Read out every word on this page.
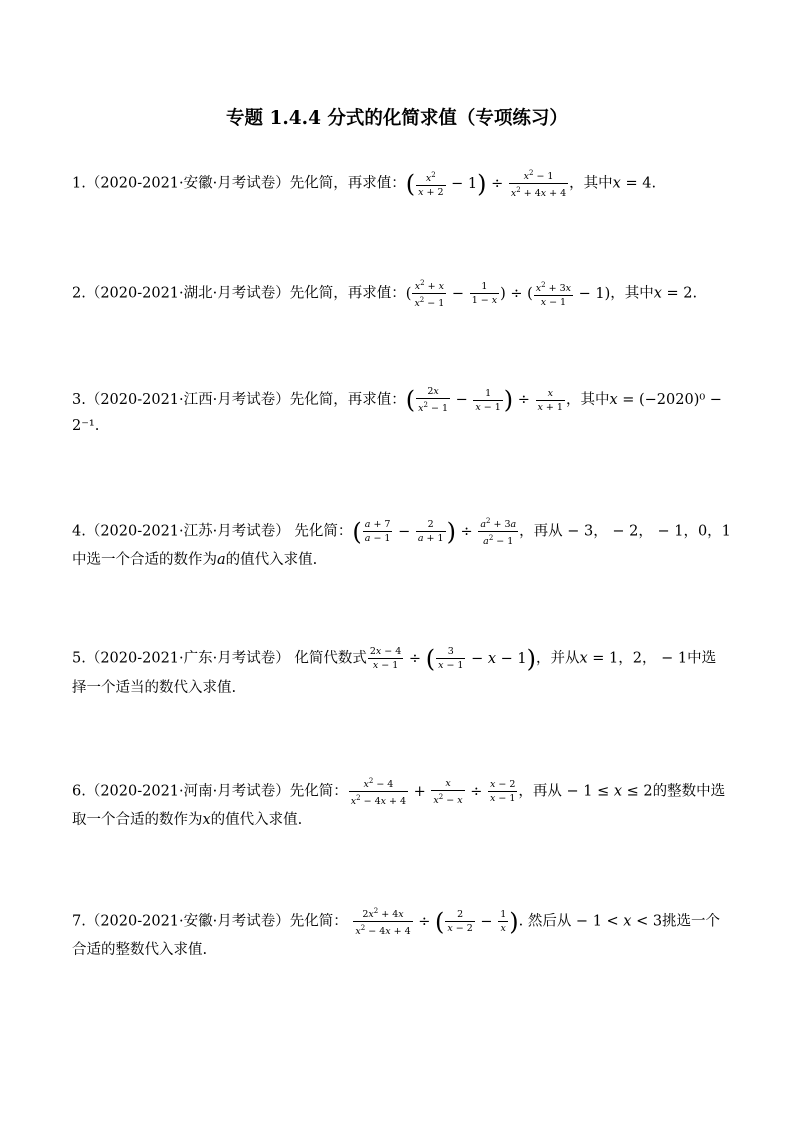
专题 1.4.4 分式的化简求值（专项练习）
1.（2020-2021·安徽·月考试卷）先化简，再求值：( $\frac{x^2}{x + 2} - 1) \div \frac{x^2 - 1}{x^2 + 4x + 4}$ ，其中𝑥 = 4.
2.（2020-2021·湖北·月考试卷）先化简，再求值：( $\frac{x^2 + x}{x^2 - 1} - \frac{1}{1 - x}$ ) ÷ ( $\frac{x^2 + 3x}{x - 1} - 1$)，其中𝑥 = 2.
3.（2020-2021·江西·月考试卷）先化简，再求值：( $\frac{2x}{x^2 - 1} - \frac{1}{x - 1}$ ) ÷ $\frac{x}{x + 1}$ ，其中𝑥 = (−2020)⁰ −
2⁻¹.
4.（2020-2021·江苏·月考试卷） 先化简：( $\frac{a + 7}{a - 1} - \frac{2}{a + 1}$ ) ÷ $\frac{a^2 + 3a}{a^2 - 1}$ ，再从 − 3， − 2， − 1，0，1
中选一个合适的数作为𝑎的值代入求值.
5.（2020-2021·广东·月考试卷） 化简代数式 $\frac{2x - 4}{x - 1}$ ÷ ( $\frac{3}{x - 1} - x - 1$)，并从𝑥 = 1，2， − 1中选
择一个适当的数代入求值.
6.（2020-2021·河南·月考试卷）先化简： $\frac{x^2 - 4}{x^2 - 4x + 4} + \frac{x}{x^2 - x} \div \frac{x - 2}{x - 1}$ ，再从 − 1 ≤ 𝑥 ≤ 2的整数中选
取一个合适的数作为𝑥的值代入求值.
7.（2020-2021·安徽·月考试卷）先化简： $\frac{2x^2 + 4x}{x^2 - 4x + 4}$ ÷ ( $\frac{2}{x - 2} - \frac{1}{x}$ ). 然后从 − 1 < 𝑥 < 3挑选一个
合适的整数代入求值.
